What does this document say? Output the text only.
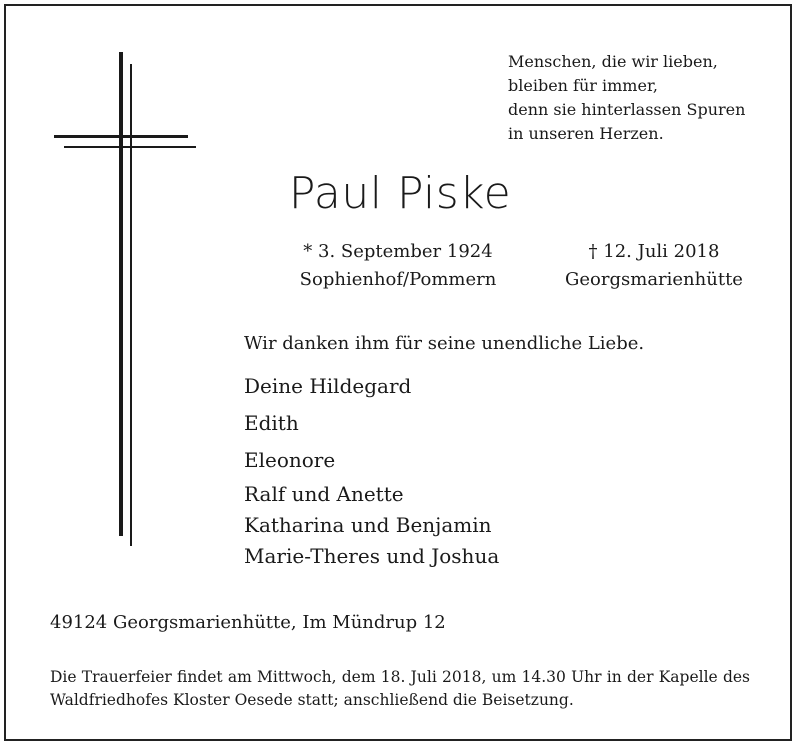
Menschen, die wir lieben,
bleiben für immer,
denn sie hinterlassen Spuren
in unseren Herzen.
Paul Piske
* 3. September 1924
Sophienhof/Pommern
† 12. Juli 2018
Georgsmarienhütte
Wir danken ihm für seine unendliche Liebe.
Deine Hildegard
Edith
Eleonore
Ralf und Anette
Katharina und Benjamin
Marie-Theres und Joshua
49124 Georgsmarienhütte, Im Mündrup 12
Die Trauerfeier findet am Mittwoch, dem 18. Juli 2018, um 14.30 Uhr in der Kapelle des Waldfriedhofes Kloster Oesede statt; anschließend die Beisetzung.
